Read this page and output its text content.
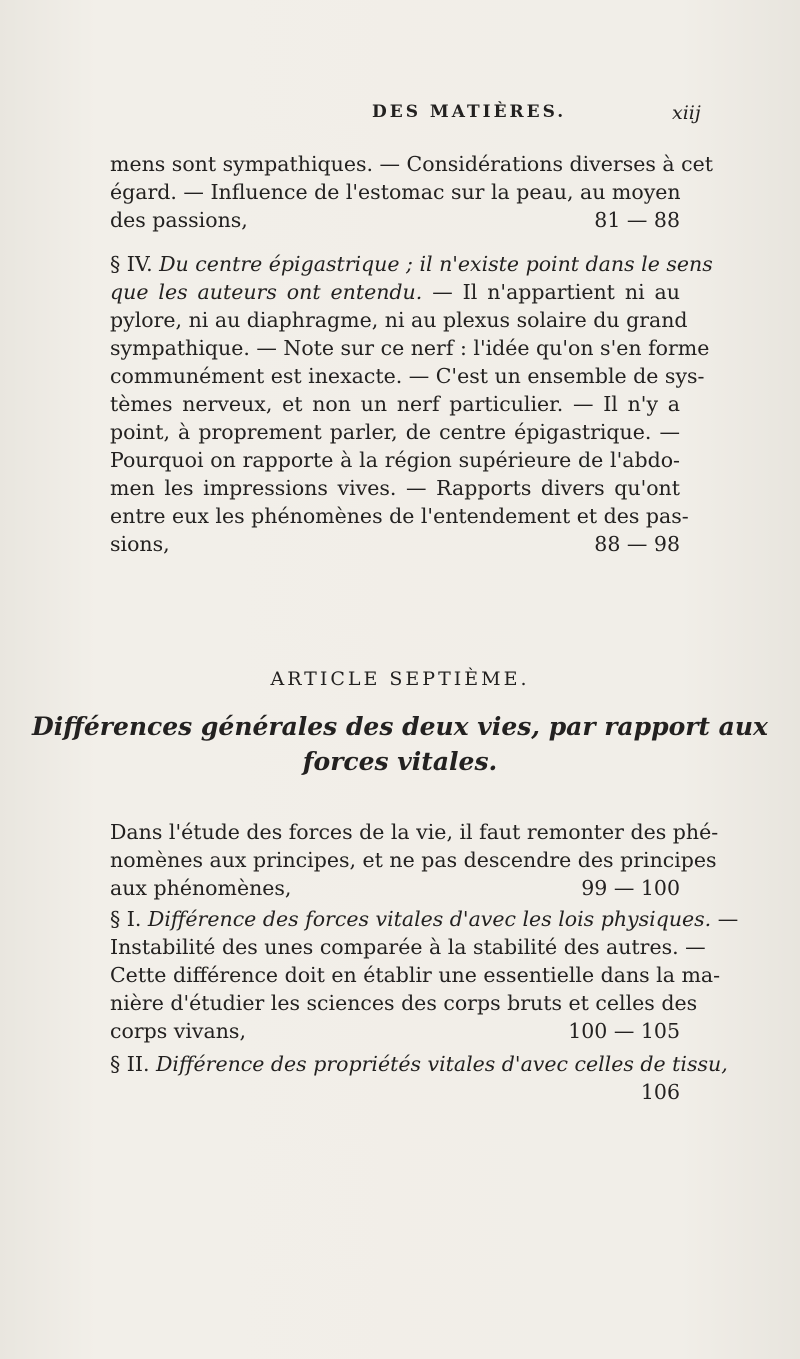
DES MATIÈRES.	xiij
mens sont sympathiques. — Considérations diverses à cet
égard. — Influence de l'estomac sur la peau, au moyen
des passions,	81 — 88
§ IV. Du centre épigastrique ; il n'existe point dans le sens
que les auteurs ont entendu. — Il n'appartient ni au
pylore, ni au diaphragme, ni au plexus solaire du grand
sympathique. — Note sur ce nerf : l'idée qu'on s'en forme
communément est inexacte. — C'est un ensemble de sys-
tèmes nerveux, et non un nerf particulier. — Il n'y a
point, à proprement parler, de centre épigastrique. —
Pourquoi on rapporte à la région supérieure de l'abdo-
men les impressions vives. — Rapports divers qu'ont
entre eux les phénomènes de l'entendement et des pas-
sions,	88 — 98
ARTICLE SEPTIÈME.
Différences générales des deux vies, par rapport aux
forces vitales.
Dans l'étude des forces de la vie, il faut remonter des phé-
nomènes aux principes, et ne pas descendre des principes
aux phénomènes,	99 — 100
§ I. Différence des forces vitales d'avec les lois physiques. —
Instabilité des unes comparée à la stabilité des autres. —
Cette différence doit en établir une essentielle dans la ma-
nière d'étudier les sciences des corps bruts et celles des
corps vivans,	100 — 105
§ II. Différence des propriétés vitales d'avec celles de tissu,
106
